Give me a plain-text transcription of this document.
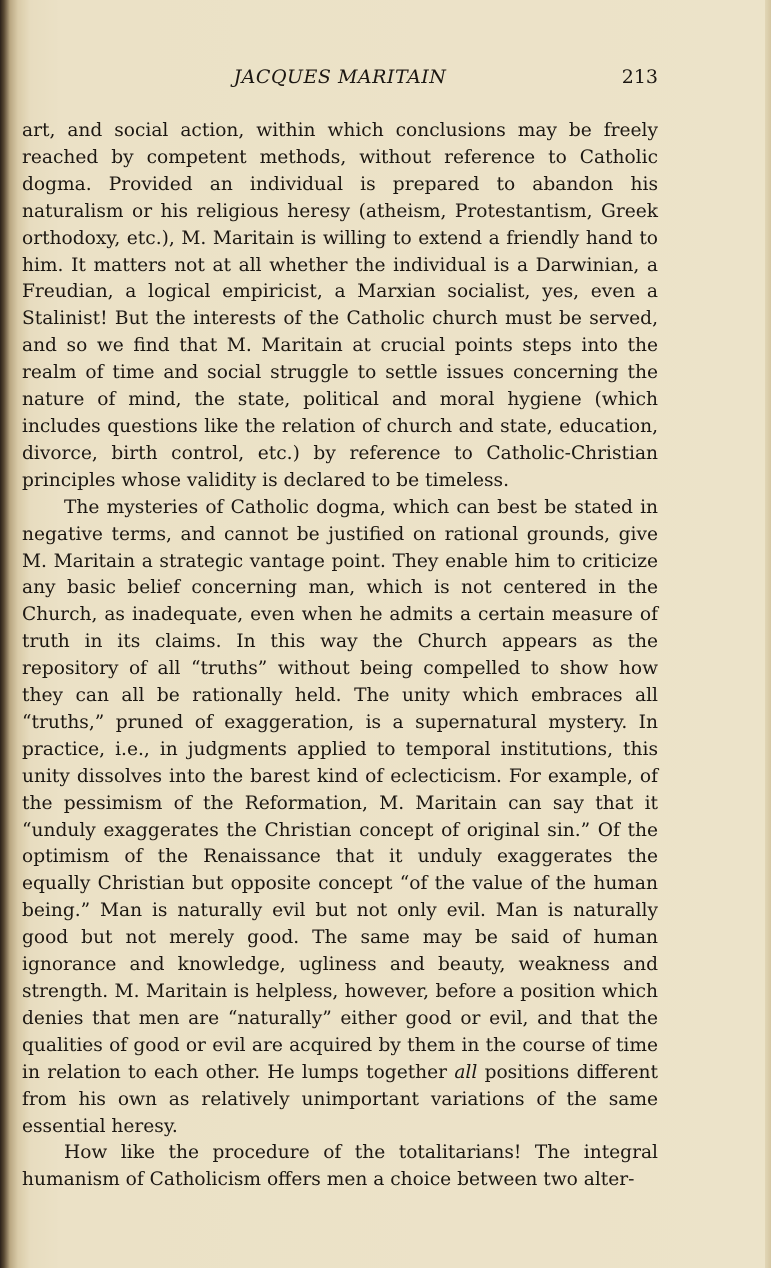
JACQUES MARITAIN	213

art, and social action, within which conclusions may be freely reached by competent methods, without reference to Catholic dogma. Provided an individual is prepared to abandon his naturalism or his religious heresy (atheism, Protestantism, Greek orthodoxy, etc.), M. Maritain is willing to extend a friendly hand to him. It matters not at all whether the individual is a Darwinian, a Freudian, a logical empiricist, a Marxian socialist, yes, even a Stalinist! But the interests of the Catholic church must be served, and so we find that M. Maritain at crucial points steps into the realm of time and social struggle to settle issues concerning the nature of mind, the state, political and moral hygiene (which includes questions like the relation of church and state, education, divorce, birth control, etc.) by reference to Catholic-Christian principles whose validity is declared to be timeless.

The mysteries of Catholic dogma, which can best be stated in negative terms, and cannot be justified on rational grounds, give M. Maritain a strategic vantage point. They enable him to criticize any basic belief concerning man, which is not centered in the Church, as inadequate, even when he admits a certain measure of truth in its claims. In this way the Church appears as the repository of all “truths” without being compelled to show how they can all be rationally held. The unity which embraces all “truths,” pruned of exaggeration, is a supernatural mystery. In practice, i.e., in judgments applied to temporal institutions, this unity dissolves into the barest kind of eclecticism. For example, of the pessimism of the Reformation, M. Maritain can say that it “unduly exaggerates the Christian concept of original sin.” Of the optimism of the Renaissance that it unduly exaggerates the equally Christian but opposite concept “of the value of the human being.” Man is naturally evil but not only evil. Man is naturally good but not merely good. The same may be said of human ignorance and knowledge, ugliness and beauty, weakness and strength. M. Maritain is helpless, however, before a position which denies that men are “naturally” either good or evil, and that the qualities of good or evil are acquired by them in the course of time in relation to each other. He lumps together all positions different from his own as relatively unimportant variations of the same essential heresy.

How like the procedure of the totalitarians! The integral humanism of Catholicism offers men a choice between two alter-
